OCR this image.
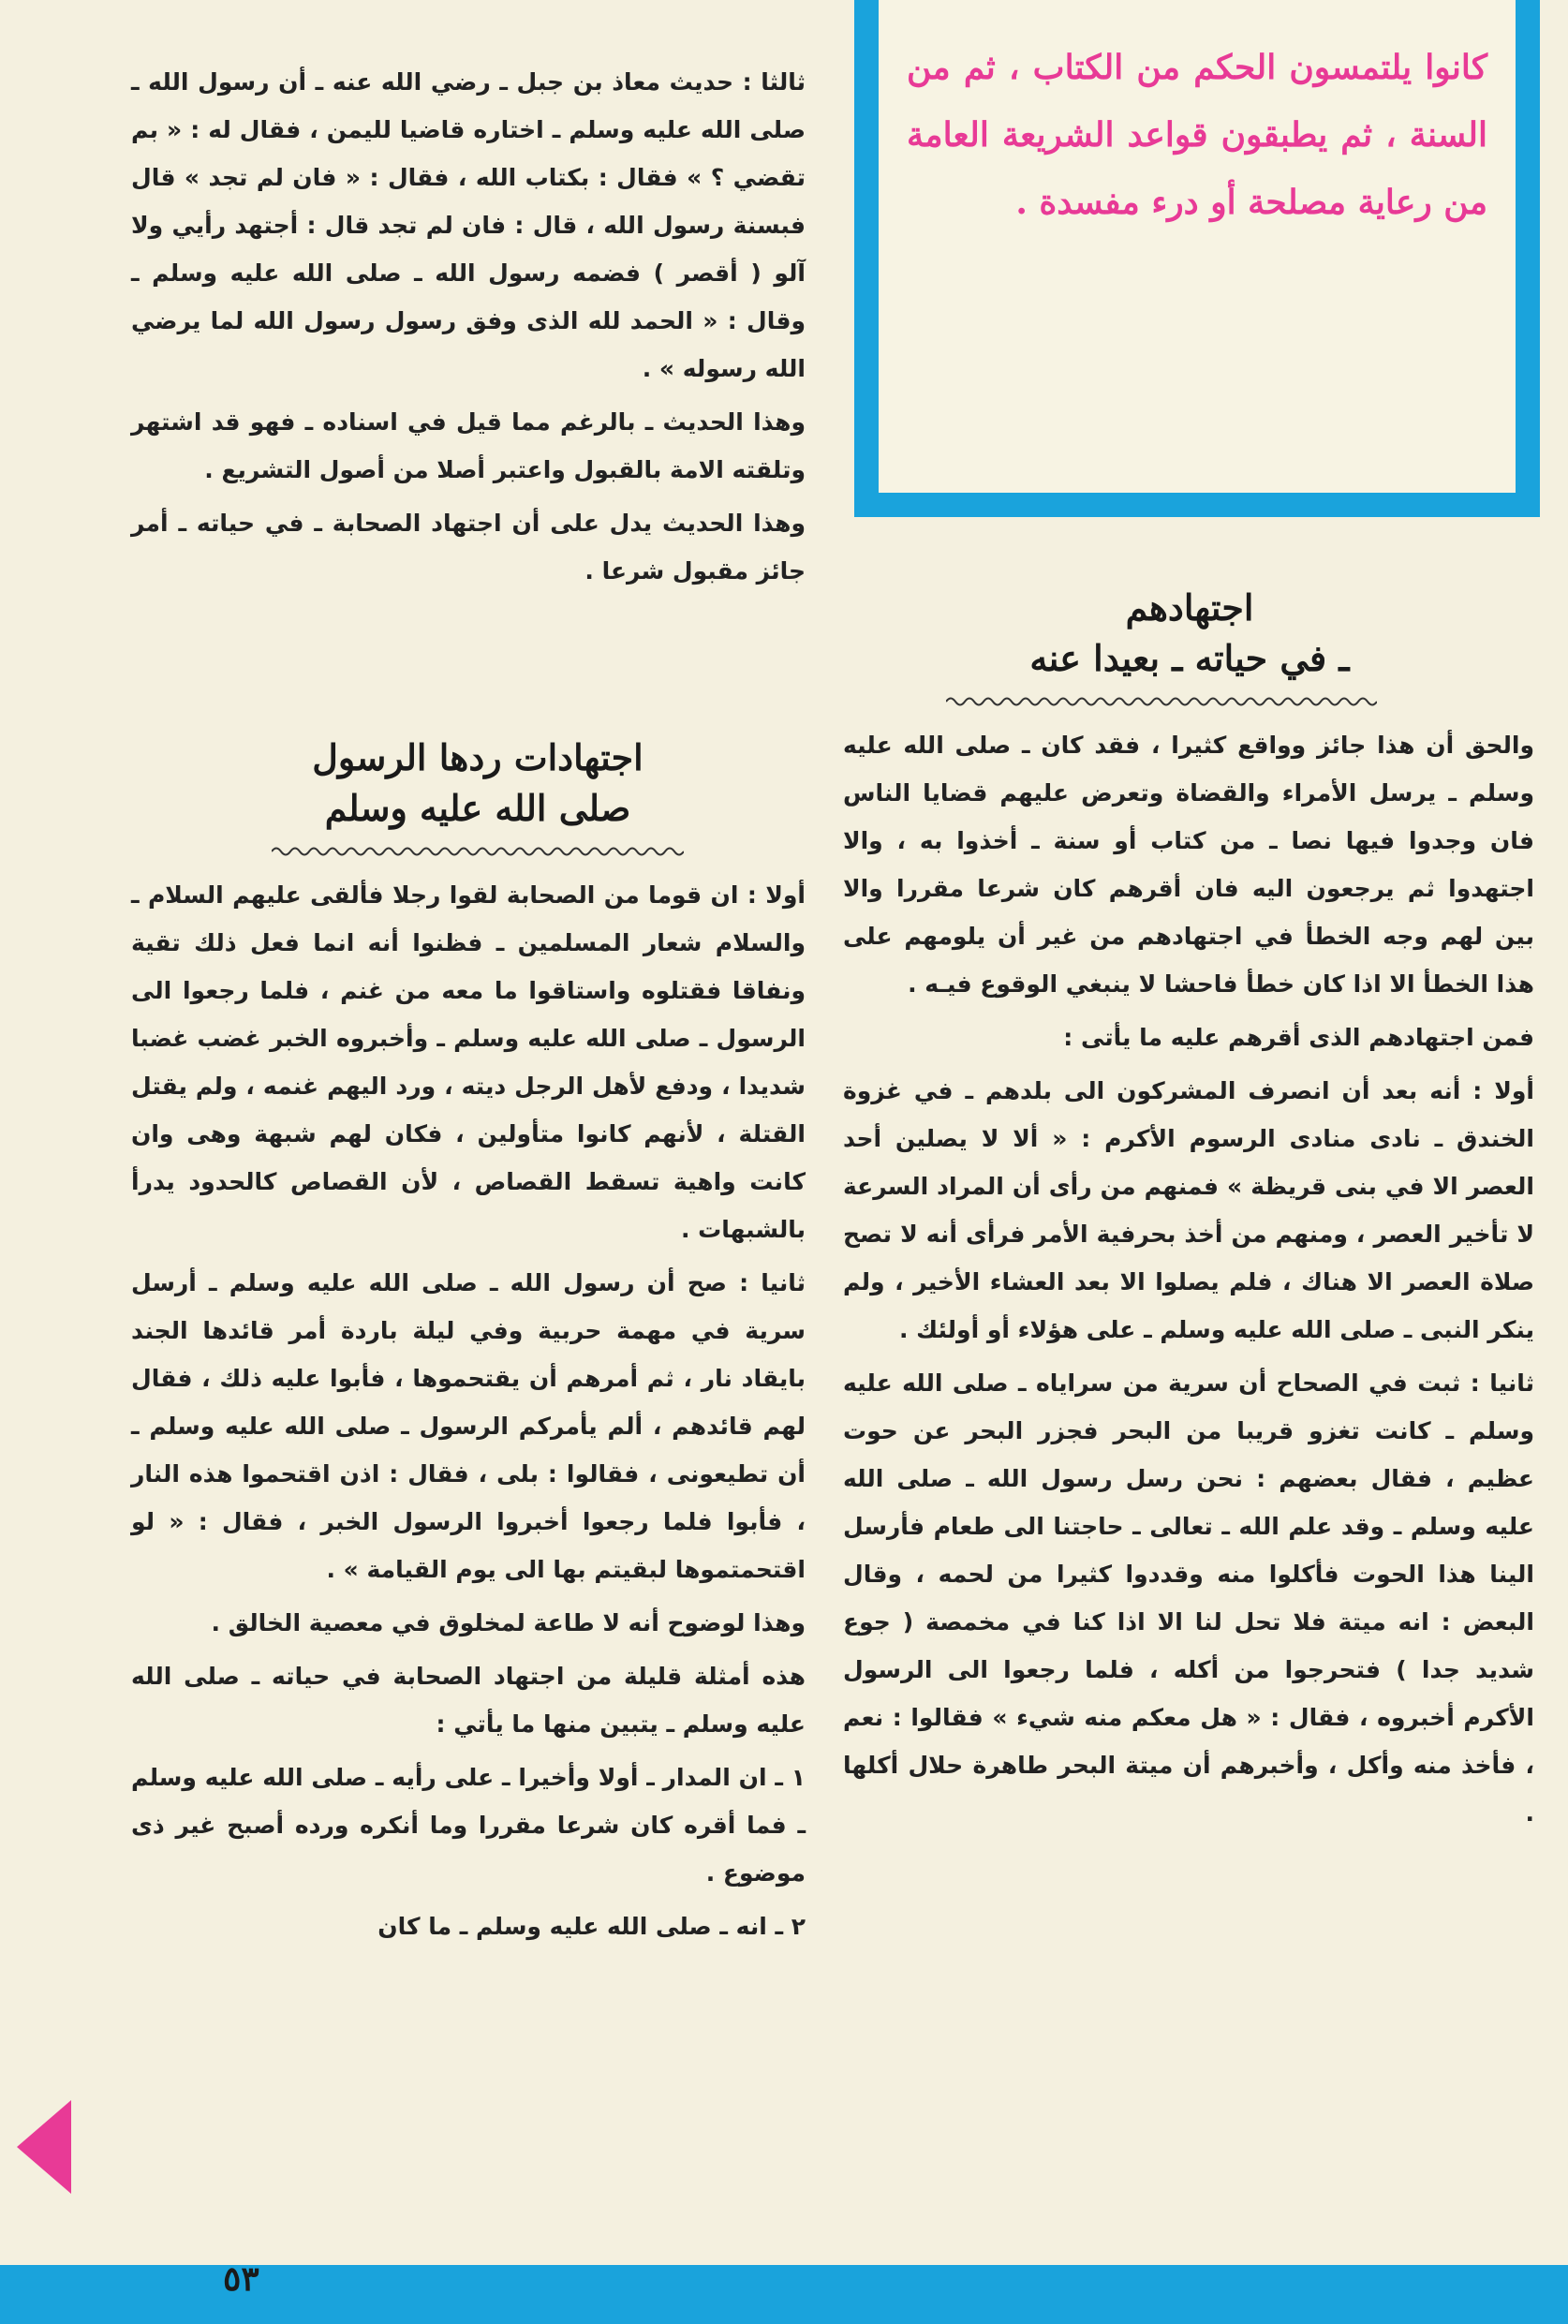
كانوا يلتمسون الحكم من الكتاب ، ثم من السنة ، ثم يطبقون قواعد الشريعة العامة من رعاية مصلحة أو درء مفسدة .
اجتهادهم
ـ في حياته ـ بعيدا عنه

والحق أن هذا جائز وواقع كثيرا ، فقد كان ـ صلى الله عليه وسلم ـ يرسل الأمراء والقضاة وتعرض عليهم قضايا الناس فان وجدوا فيها نصا ـ من كتاب أو سنة ـ أخذوا به ، والا اجتهدوا ثم يرجعون اليه فان أقرهم كان شرعا مقررا والا بين لهم وجه الخطأ في اجتهادهم من غير أن يلومهم على هذا الخطأ الا اذا كان خطأ فاحشا لا ينبغي الوقوع فيـه .

فمن اجتهادهم الذى أقرهم عليه ما يأتى :

أولا : أنه بعد أن انصرف المشركون الى بلدهم ـ في غزوة الخندق ـ نادى منادى الرسوم الأكرم : « ألا لا يصلين أحد العصر الا في بنى قريظة » فمنهم من رأى أن المراد السرعة لا تأخير العصر ، ومنهم من أخذ بحرفية الأمر فرأى أنه لا تصح صلاة العصر الا هناك ، فلم يصلوا الا بعد العشاء الأخير ، ولم ينكر النبى ـ صلى الله عليه وسلم ـ على هؤلاء أو أولئك .

ثانيا : ثبت في الصحاح أن سرية من سراياه ـ صلى الله عليه وسلم ـ كانت تغزو قريبا من البحر فجزر البحر عن حوت عظيم ، فقال بعضهم : نحن رسل رسول الله ـ صلى الله عليه وسلم ـ وقد علم الله ـ تعالى ـ حاجتنا الى طعام فأرسل الينا هذا الحوت فأكلوا منه وقددوا كثيرا من لحمه ، وقال البعض : انه ميتة فلا تحل لنا الا اذا كنا في مخمصة ( جوع شديد جدا ) فتحرجوا من أكله ، فلما رجعوا الى الرسول الأكرم أخبروه ، فقال : « هل معكم منه شيء » فقالوا : نعم ، فأخذ منه وأكل ، وأخبرهم أن ميتة البحر طاهرة حلال أكلها .

ثالثا : حديث معاذ بن جبل ـ رضي الله عنه ـ أن رسول الله ـ صلى الله عليه وسلم ـ اختاره قاضيا لليمن ، فقال له : « بم تقضي ؟ » فقال : بكتاب الله ، فقال : « فان لم تجد » قال فبسنة رسول الله ، قال : فان لم تجد قال : أجتهد رأيي ولا آلو ( أقصر ) فضمه رسول الله ـ صلى الله عليه وسلم ـ وقال : « الحمد لله الذى وفق رسول رسول الله لما يرضي الله رسوله » .

وهذا الحديث ـ بالرغم مما قيل في اسناده ـ فهو قد اشتهر وتلقته الامة بالقبول واعتبر أصلا من أصول التشريع .

وهذا الحديث يدل على أن اجتهاد الصحابة ـ في حياته ـ أمر جائز مقبول شرعا .

اجتهادات ردها الرسول
صلى الله عليه وسلم

أولا : ان قوما من الصحابة لقوا رجلا فألقى عليهم السلام ـ والسلام شعار المسلمين ـ فظنوا أنه انما فعل ذلك تقية ونفاقا فقتلوه واستاقوا ما معه من غنم ، فلما رجعوا الى الرسول ـ صلى الله عليه وسلم ـ وأخبروه الخبر غضب غضبا شديدا ، ودفع لأهل الرجل ديته ، ورد اليهم غنمه ، ولم يقتل القتلة ، لأنهم كانوا متأولين ، فكان لهم شبهة وهى وان كانت واهية تسقط القصاص ، لأن القصاص كالحدود يدرأ بالشبهات .

ثانيا : صح أن رسول الله ـ صلى الله عليه وسلم ـ أرسل سرية في مهمة حربية وفي ليلة باردة أمر قائدها الجند بايقاد نار ، ثم أمرهم أن يقتحموها ، فأبوا عليه ذلك ، فقال لهم قائدهم ، ألم يأمركم الرسول ـ صلى الله عليه وسلم ـ أن تطيعونى ، فقالوا : بلى ، فقال : اذن اقتحموا هذه النار ، فأبوا فلما رجعوا أخبروا الرسول الخبر ، فقال : « لو اقتحمتموها لبقيتم بها الى يوم القيامة » .

وهذا لوضوح أنه لا طاعة لمخلوق في معصية الخالق .

هذه أمثلة قليلة من اجتهاد الصحابة في حياته ـ صلى الله عليه وسلم ـ يتبين منها ما يأتي :

١ ـ ان المدار ـ أولا وأخيرا ـ على رأيه ـ صلى الله عليه وسلم ـ فما أقره كان شرعا مقررا وما أنكره ورده أصبح غير ذى موضوع .

٢ ـ انه ـ صلى الله عليه وسلم ـ ما كان

٥٣
